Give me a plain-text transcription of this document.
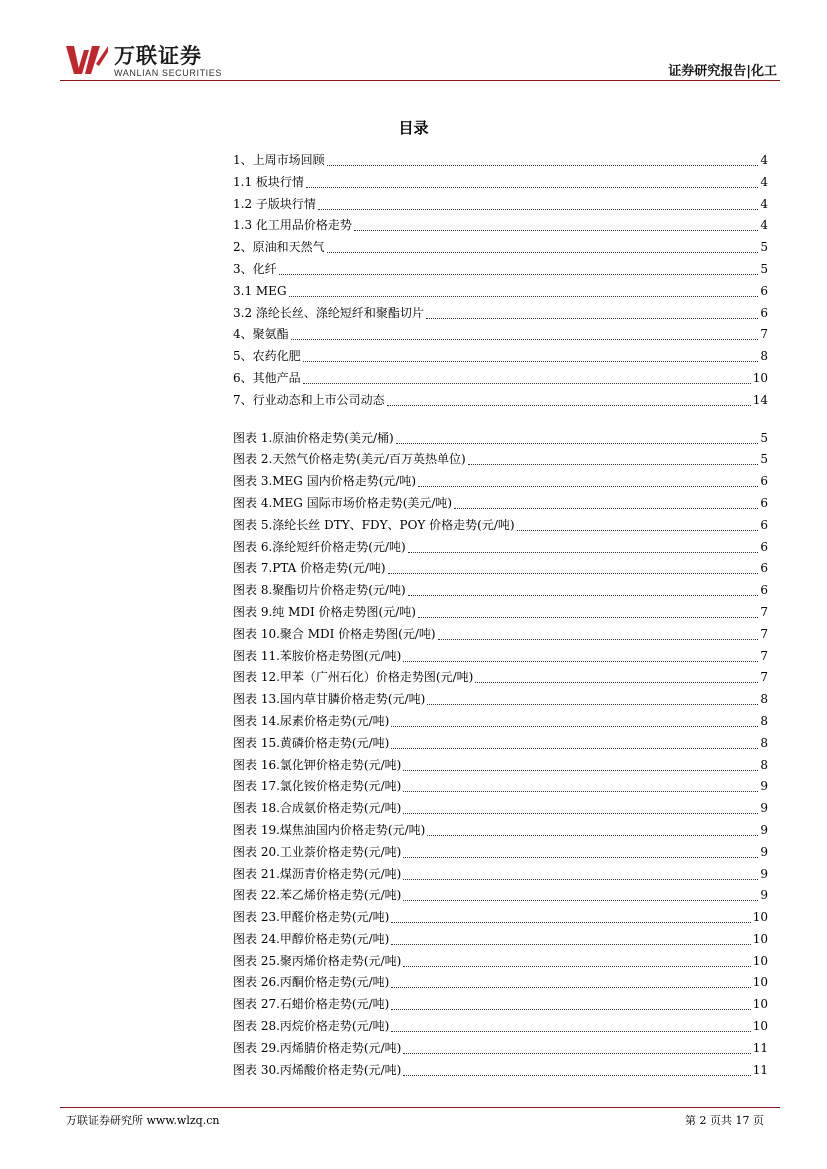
万联证券
WANLIAN SECURITIES	证券研究报告|化工
目录
1、上周市场回顾	4
1.1 板块行情	4
1.2 子版块行情	4
1.3 化工用品价格走势	4
2、原油和天然气	5
3、化纤	5
3.1 MEG	6
3.2 涤纶长丝、涤纶短纤和聚酯切片	6
4、聚氨酯	7
5、农药化肥	8
6、其他产品	10
7、行业动态和上市公司动态	14
图表 1.原油价格走势(美元/桶)	5
图表 2.天然气价格走势(美元/百万英热单位)	5
图表 3.MEG 国内价格走势(元/吨)	6
图表 4.MEG 国际市场价格走势(美元/吨)	6
图表 5.涤纶长丝 DTY、FDY、POY 价格走势(元/吨)	6
图表 6.涤纶短纤价格走势(元/吨)	6
图表 7.PTA 价格走势(元/吨)	6
图表 8.聚酯切片价格走势(元/吨)	6
图表 9.纯 MDI 价格走势图(元/吨)	7
图表 10.聚合 MDI 价格走势图(元/吨)	7
图表 11.苯胺价格走势图(元/吨)	7
图表 12.甲苯（广州石化）价格走势图(元/吨)	7
图表 13.国内草甘膦价格走势(元/吨)	8
图表 14.尿素价格走势(元/吨)	8
图表 15.黄磷价格走势(元/吨)	8
图表 16.氯化钾价格走势(元/吨)	8
图表 17.氯化铵价格走势(元/吨)	9
图表 18.合成氨价格走势(元/吨)	9
图表 19.煤焦油国内价格走势(元/吨)	9
图表 20.工业萘价格走势(元/吨)	9
图表 21.煤沥青价格走势(元/吨)	9
图表 22.苯乙烯价格走势(元/吨)	9
图表 23.甲醛价格走势(元/吨)	10
图表 24.甲醇价格走势(元/吨)	10
图表 25.聚丙烯价格走势(元/吨)	10
图表 26.丙酮价格走势(元/吨)	10
图表 27.石蜡价格走势(元/吨)	10
图表 28.丙烷价格走势(元/吨)	10
图表 29.丙烯腈价格走势(元/吨)	11
图表 30.丙烯酸价格走势(元/吨)	11
万联证券研究所 www.wlzq.cn	第 2 页共 17 页
